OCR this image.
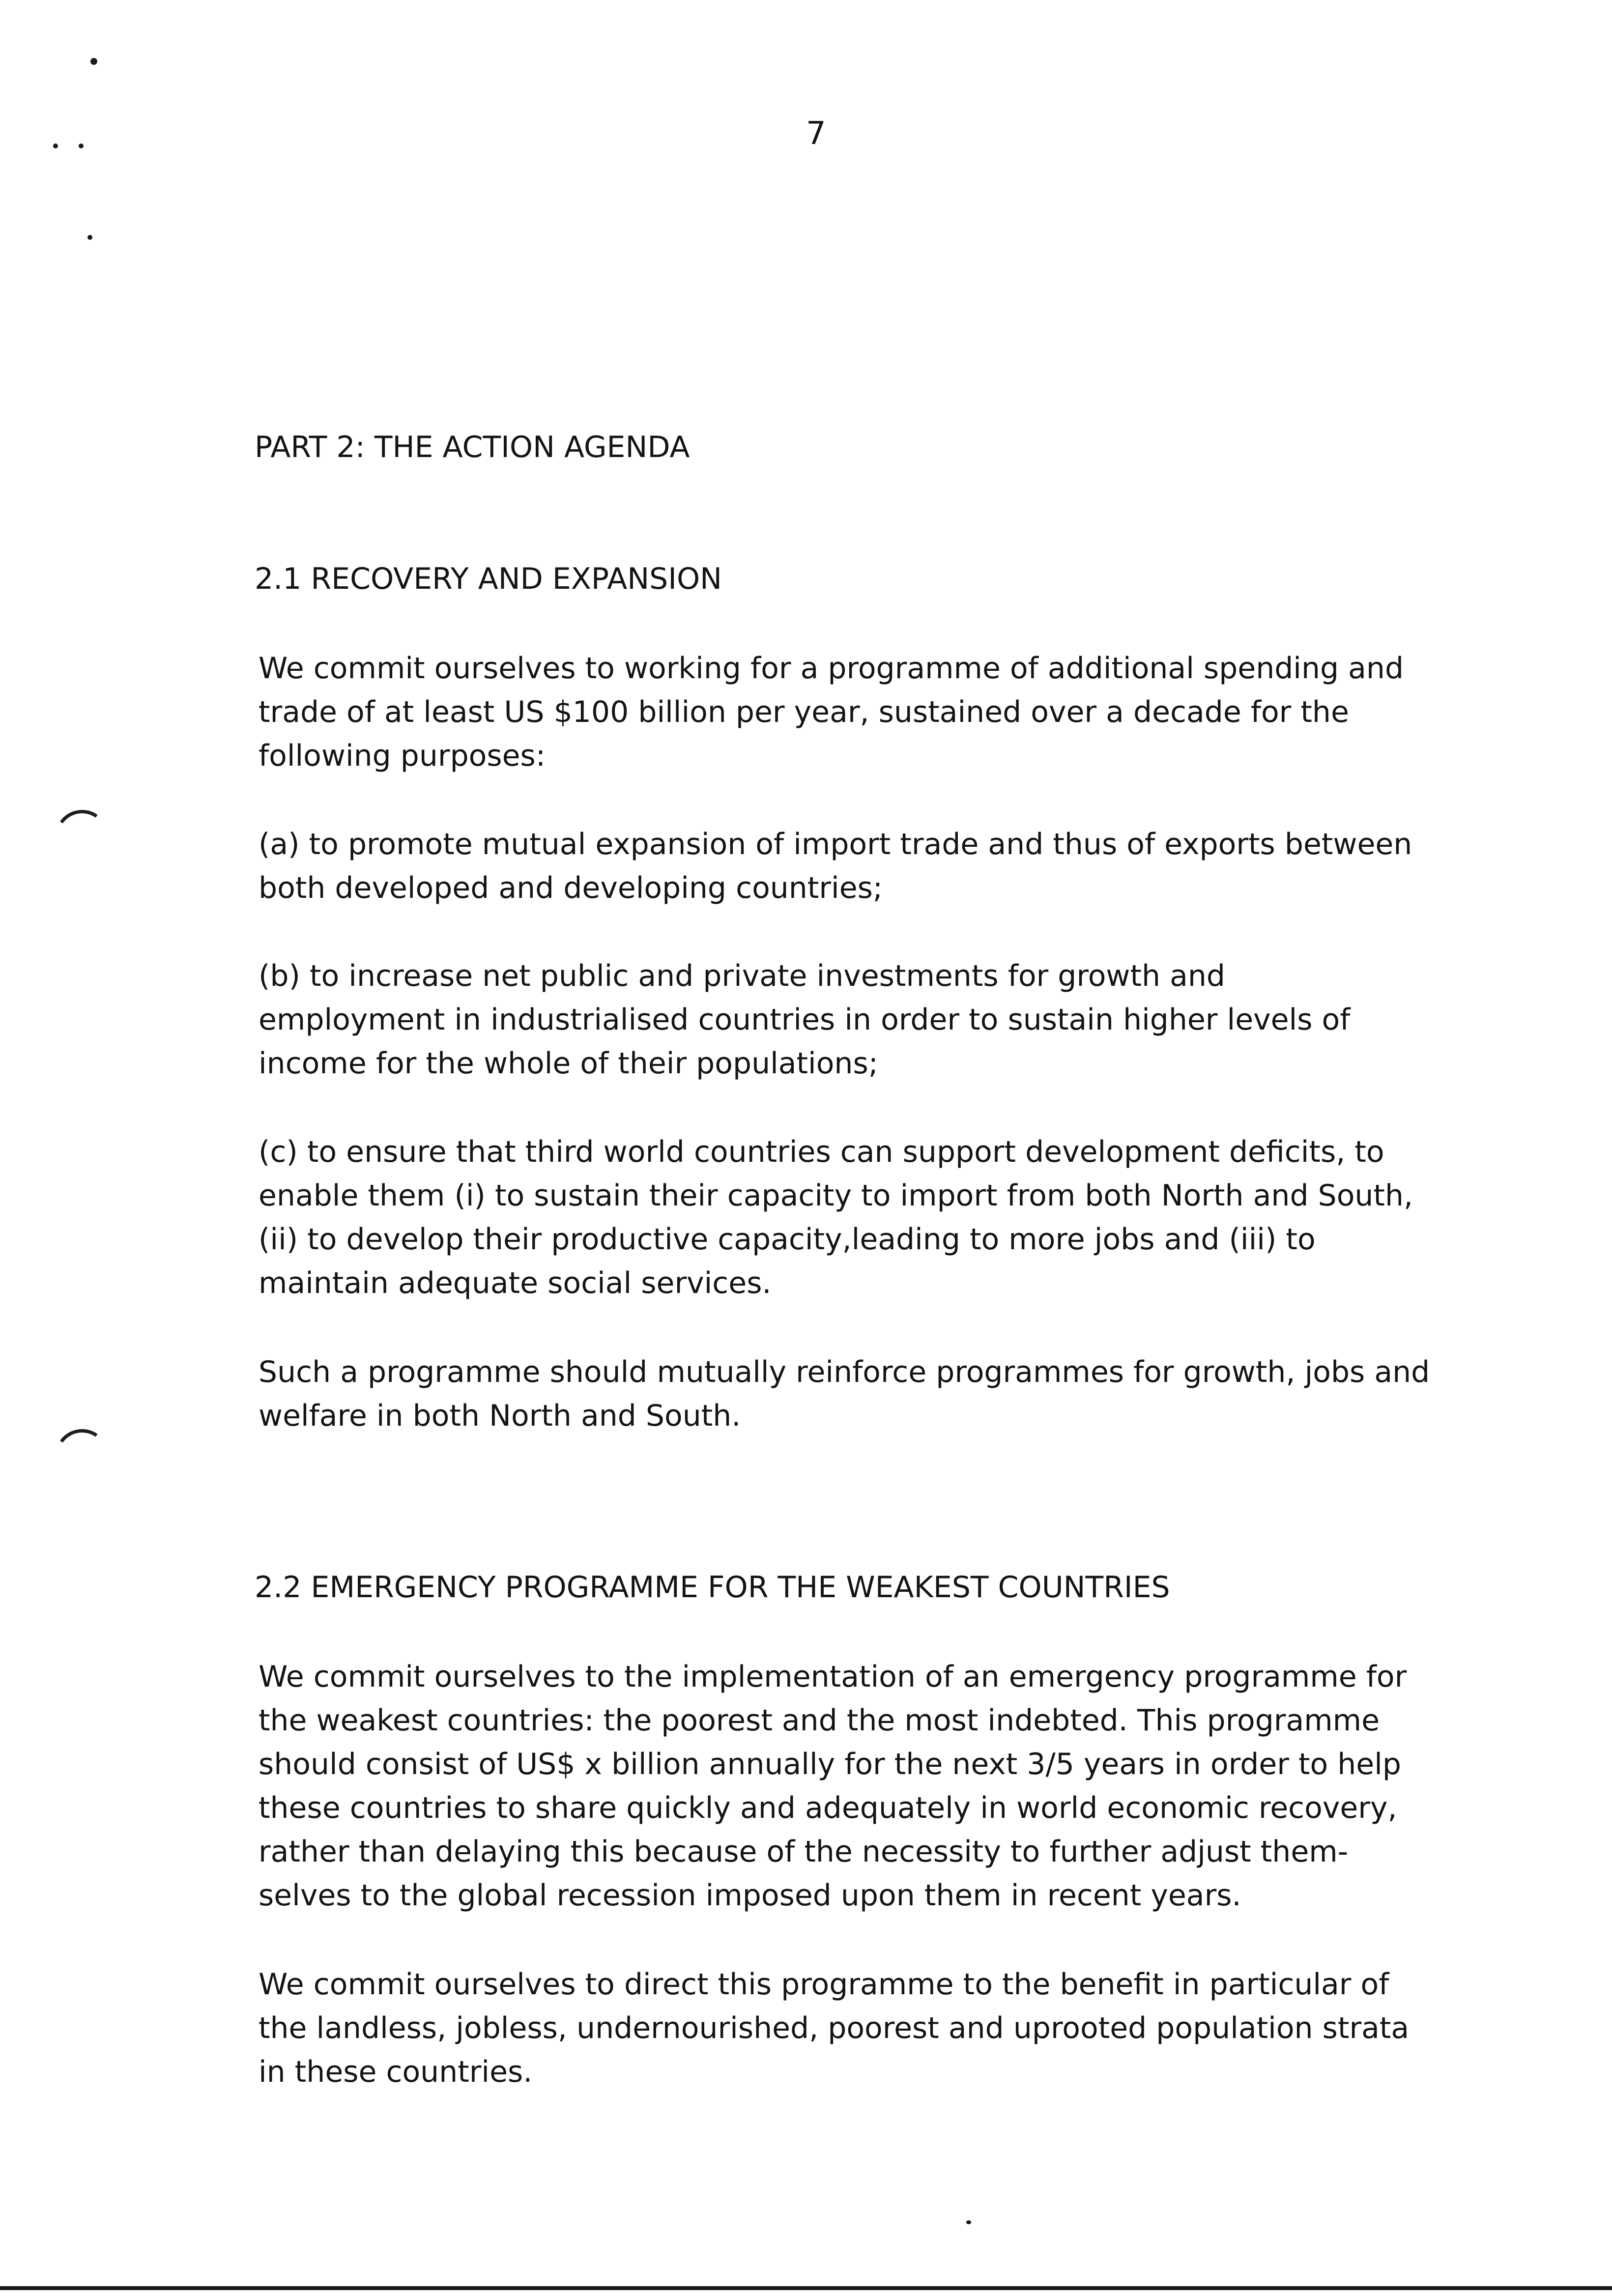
7
PART 2: THE ACTION AGENDA
2.1 RECOVERY AND EXPANSION
We commit ourselves to working for a programme of additional spending and
trade of at least US $100 billion per year, sustained over a decade for the
following purposes:
(a) to promote mutual expansion of import trade and thus of exports between
both developed and developing countries;
(b) to increase net public and private investments for growth and
employment in industrialised countries in order to sustain higher levels of
income for the whole of their populations;
(c) to ensure that third world countries can support development deficits, to
enable them (i) to sustain their capacity to import from both North and South,
(ii) to develop their productive capacity,leading to more jobs and (iii) to
maintain adequate social services.
Such a programme should mutually reinforce programmes for growth, jobs and
welfare in both North and South.
2.2 EMERGENCY PROGRAMME FOR THE WEAKEST COUNTRIES
We commit ourselves to the implementation of an emergency programme for
the weakest countries: the poorest and the most indebted. This programme
should consist of US$ x billion annually for the next 3/5 years in order to help
these countries to share quickly and adequately in world economic recovery,
rather than delaying this because of the necessity to further adjust them-
selves to the global recession imposed upon them in recent years.
We commit ourselves to direct this programme to the benefit in particular of
the landless, jobless, undernourished, poorest and uprooted population strata
in these countries.
